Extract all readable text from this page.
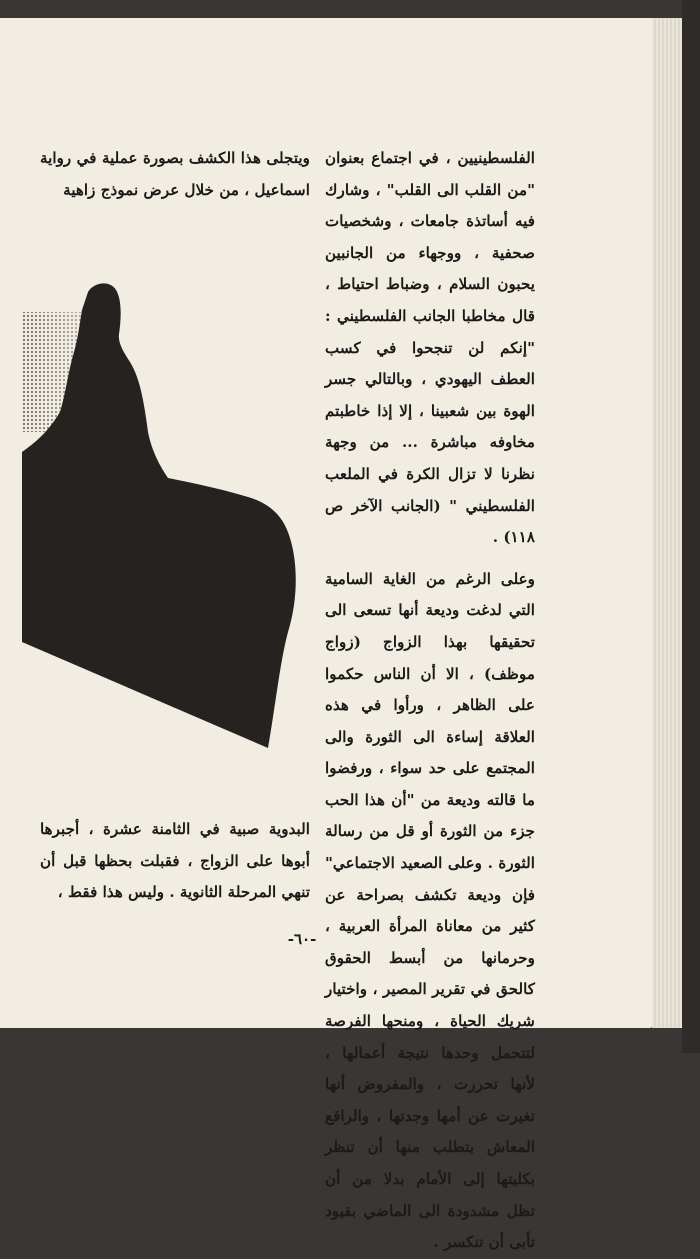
الفلسطينيين ، في اجتماع بعنوان "من القلب الى القلب" ، وشارك فيه أساتذة جامعات ، وشخصيات صحفية ، ووجهاء من الجانبين يحبون السلام ، وضباط احتياط ، قال مخاطبا الجانب الفلسطيني : "إنكم لن تنجحوا في كسب العطف اليهودي ، وبالتالي جسر الهوة بين شعبينا ، إلا إذا خاطبتم مخاوفه مباشرة ... من وجهة نظرنا لا تزال الكرة في الملعب الفلسطيني " (الجانب الآخر ص ١١٨) .

وعلى الرغم من الغاية السامية التي لدغت وديعة أنها تسعى الى تحقيقها بهذا الزواج (زواج موظف) ، الا أن الناس حكموا على الظاهر ، ورأوا في هذه العلاقة إساءة الى الثورة والى المجتمع على حد سواء ، ورفضوا ما قالته وديعة من "أن هذا الحب جزء من الثورة أو قل من رسالة الثورة . وعلى الصعيد الاجتماعي" فإن وديعة تكشف بصراحة عن كثير من معاناة المرأة العربية ، وحرمانها من أبسط الحقوق كالحق في تقرير المصير ، واختيار شريك الحياة ، ومنحها الفرصة لتتحمل وحدها نتيجة أعمالها ، لأنها تحررت ، والمفروض أنها تغيرت عن أمها وجدتها ، والراقع المعاش يتطلب منها أن تنظر بكليتها إلى الأمام بدلا من أن تظل مشدودة الى الماضي بقيود تأبى أن تنكسر .

ويتجلى هذا الكشف بصورة عملية في رواية اسماعيل ، من خلال عرض نموذج زاهية

البدوية صبية في الثامنة عشرة ، أجبرها أبوها على الزواج ، فقبلت بحظها قبل أن تنهي المرحلة الثانوية . وليس هذا فقط ،

-٦٠-
